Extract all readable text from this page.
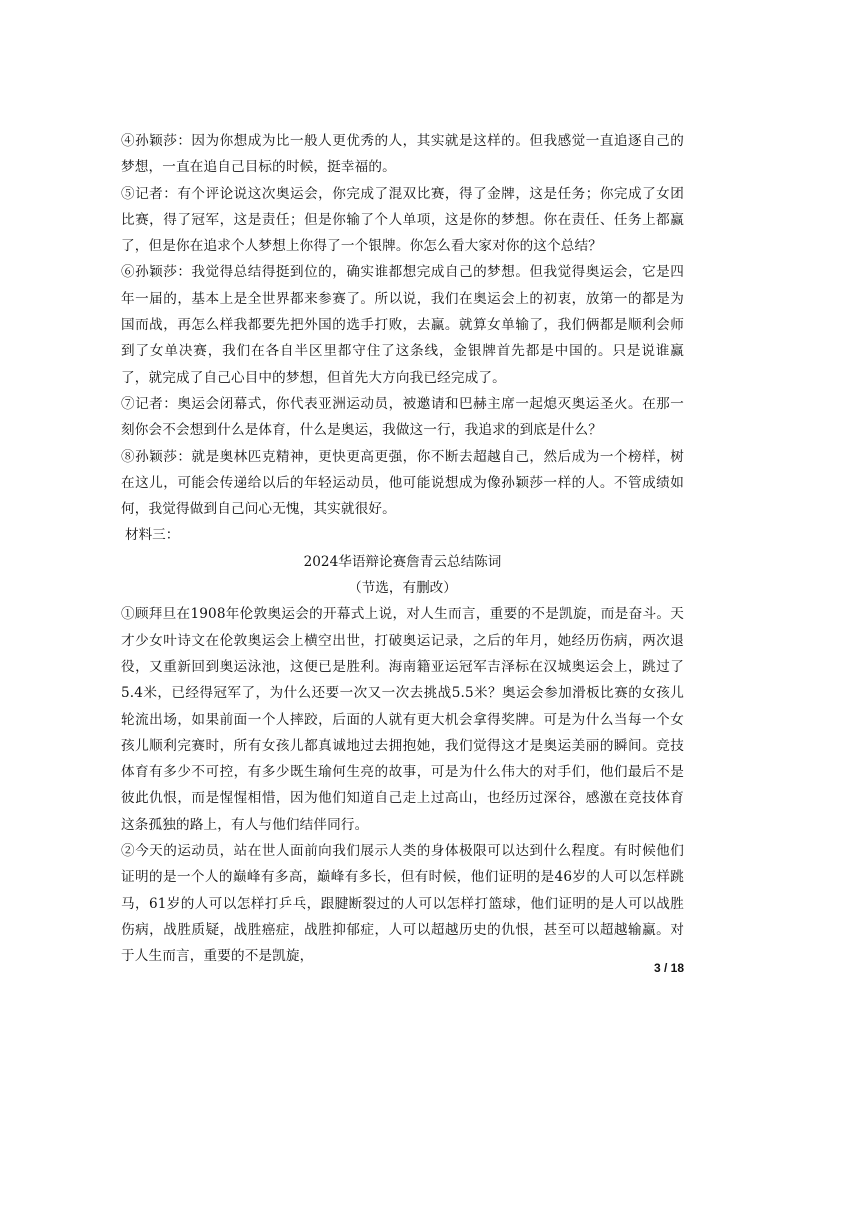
④孙颖莎：因为你想成为比一般人更优秀的人，其实就是这样的。但我感觉一直追逐自己的梦想，一直在追自己目标的时候，挺幸福的。

⑤记者：有个评论说这次奥运会，你完成了混双比赛，得了金牌，这是任务；你完成了女团比赛，得了冠军，这是责任；但是你输了个人单项，这是你的梦想。你在责任、任务上都赢了，但是你在追求个人梦想上你得了一个银牌。你怎么看大家对你的这个总结？

⑥孙颖莎：我觉得总结得挺到位的，确实谁都想完成自己的梦想。但我觉得奥运会，它是四年一届的，基本上是全世界都来参赛了。所以说，我们在奥运会上的初衷，放第一的都是为国而战，再怎么样我都要先把外国的选手打败，去赢。就算女单输了，我们俩都是顺利会师到了女单决赛，我们在各自半区里都守住了这条线，金银牌首先都是中国的。只是说谁赢了，就完成了自己心目中的梦想，但首先大方向我已经完成了。

⑦记者：奥运会闭幕式，你代表亚洲运动员，被邀请和巴赫主席一起熄灭奥运圣火。在那一刻你会不会想到什么是体育，什么是奥运，我做这一行，我追求的到底是什么？

⑧孙颖莎：就是奥林匹克精神，更快更高更强，你不断去超越自己，然后成为一个榜样，树在这儿，可能会传递给以后的年轻运动员，他可能说想成为像孙颖莎一样的人。不管成绩如何，我觉得做到自己问心无愧，其实就很好。

材料三：

2024华语辩论赛詹青云总结陈词

（节选，有删改）

①顾拜旦在1908年伦敦奥运会的开幕式上说，对人生而言，重要的不是凯旋，而是奋斗。天才少女叶诗文在伦敦奥运会上横空出世，打破奥运记录，之后的年月，她经历伤病，两次退役，又重新回到奥运泳池，这便已是胜利。海南籍亚运冠军吉泽标在汉城奥运会上，跳过了5.4米，已经得冠军了，为什么还要一次又一次去挑战5.5米？奥运会参加滑板比赛的女孩儿轮流出场，如果前面一个人摔跤，后面的人就有更大机会拿得奖牌。可是为什么当每一个女孩儿顺利完赛时，所有女孩儿都真诚地过去拥抱她，我们觉得这才是奥运美丽的瞬间。竞技体育有多少不可控，有多少既生瑜何生亮的故事，可是为什么伟大的对手们，他们最后不是彼此仇恨，而是惺惺相惜，因为他们知道自己走上过高山，也经历过深谷，感激在竞技体育这条孤独的路上，有人与他们结伴同行。

②今天的运动员，站在世人面前向我们展示人类的身体极限可以达到什么程度。有时候他们证明的是一个人的巅峰有多高，巅峰有多长，但有时候，他们证明的是46岁的人可以怎样跳马，61岁的人可以怎样打乒乓，跟腱断裂过的人可以怎样打篮球，他们证明的是人可以战胜伤病，战胜质疑，战胜癌症，战胜抑郁症，人可以超越历史的仇恨，甚至可以超越输赢。对于人生而言，重要的不是凯旋，

3 / 18
